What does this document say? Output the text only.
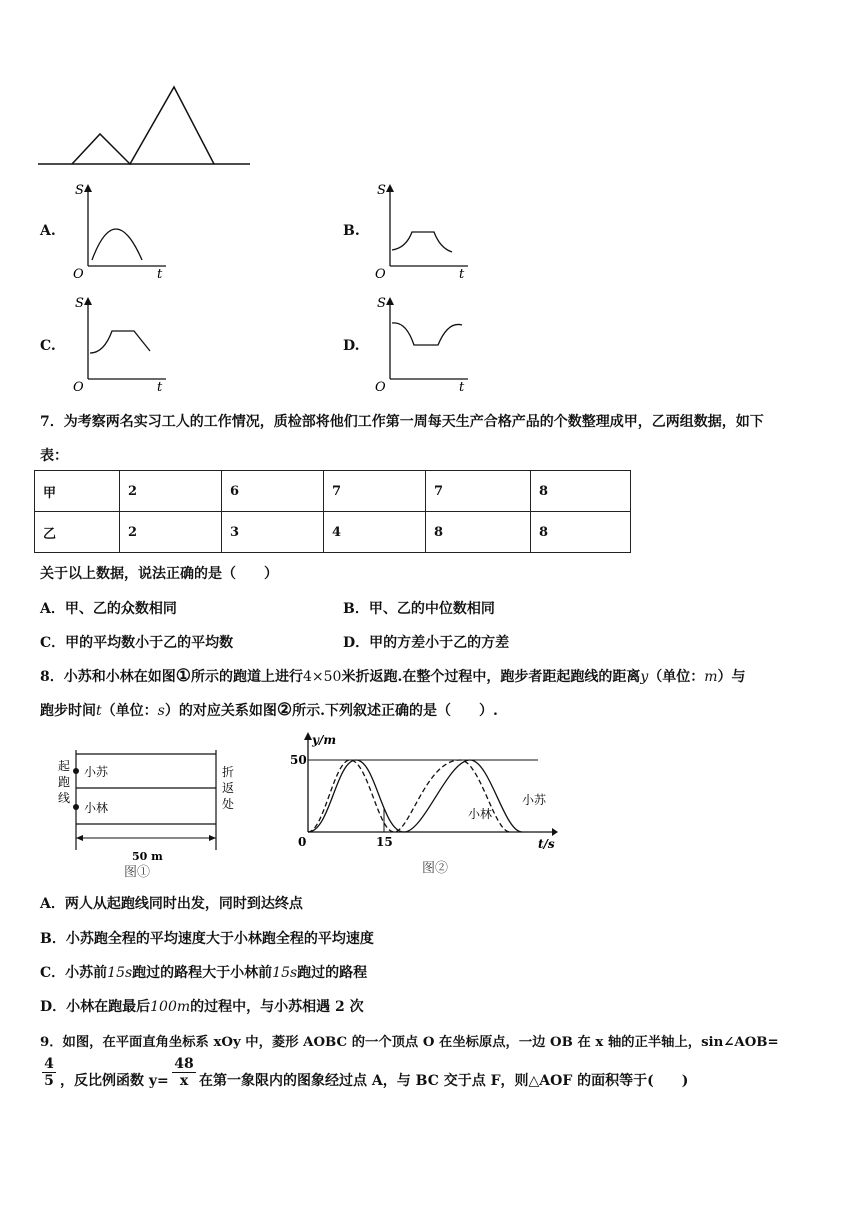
A.
S
O	t
B.
S
O	t
C.
S
O	t
D.
S
O	t
7．为考察两名实习工人的工作情况，质检部将他们工作第一周每天生产合格产品的个数整理成甲，乙两组数据，如下
表：
甲	2	6	7	7	8
乙	2	3	4	8	8
关于以上数据，说法正确的是（　　）
A．甲、乙的众数相同	B．甲、乙的中位数相同
C．甲的平均数小于乙的平均数	D．甲的方差小于乙的方差
8．小苏和小林在如图①所示的跑道上进行4×50米折返跑.在整个过程中，跑步者距起跑线的距离y（单位：m）与
跑步时间t（单位：s）的对应关系如图②所示.下列叙述正确的是（　　）.
起
跑
线
折
返
处
小苏
小林
50 m
图①
y/m
50
0	15	t/s
小林
小苏
图②
A．两人从起跑线同时出发，同时到达终点
B．小苏跑全程的平均速度大于小林跑全程的平均速度
C．小苏前15s跑过的路程大于小林前15s跑过的路程
D．小林在跑最后100m的过程中，与小苏相遇 2 次
9．如图，在平面直角坐标系 xOy 中，菱形 AOBC 的一个顶点 O 在坐标原点，一边 OB 在 x 轴的正半轴上，sin∠AOB=
$\frac{4}{5}$ ，反比例函数 $y= \frac{48}{x}$ 在第一象限内的图象经过点 A，与 BC 交于点 F，则△AOF 的面积等于(　　)
